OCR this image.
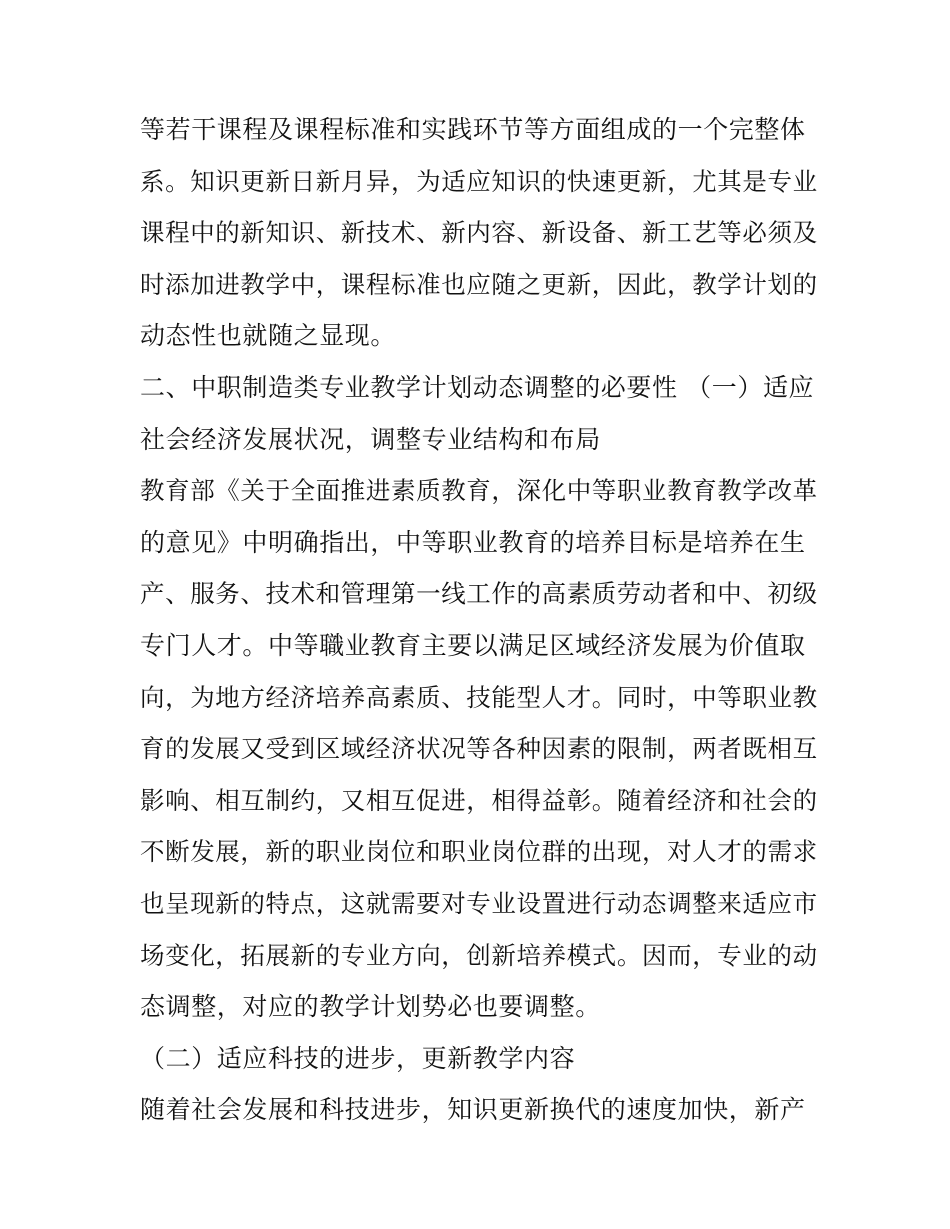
等若干课程及课程标准和实践环节等方面组成的一个完整体
系。知识更新日新月异，为适应知识的快速更新，尤其是专业
课程中的新知识、新技术、新内容、新设备、新工艺等必须及
时添加进教学中，课程标准也应随之更新，因此，教学计划的
动态性也就随之显现。
二、中职制造类专业教学计划动态调整的必要性 （一）适应
社会经济发展状况，调整专业结构和布局
教育部《关于全面推进素质教育，深化中等职业教育教学改革
的意见》中明确指出，中等职业教育的培养目标是培养在生
产、服务、技术和管理第一线工作的高素质劳动者和中、初级
专门人才。中等職业教育主要以满足区域经济发展为价值取
向，为地方经济培养高素质、技能型人才。同时，中等职业教
育的发展又受到区域经济状况等各种因素的限制，两者既相互
影响、相互制约，又相互促进，相得益彰。随着经济和社会的
不断发展，新的职业岗位和职业岗位群的出现，对人才的需求
也呈现新的特点，这就需要对专业设置进行动态调整来适应市
场变化，拓展新的专业方向，创新培养模式。因而，专业的动
态调整，对应的教学计划势必也要调整。
（二）适应科技的进步，更新教学内容
随着社会发展和科技进步，知识更新换代的速度加快，新产
